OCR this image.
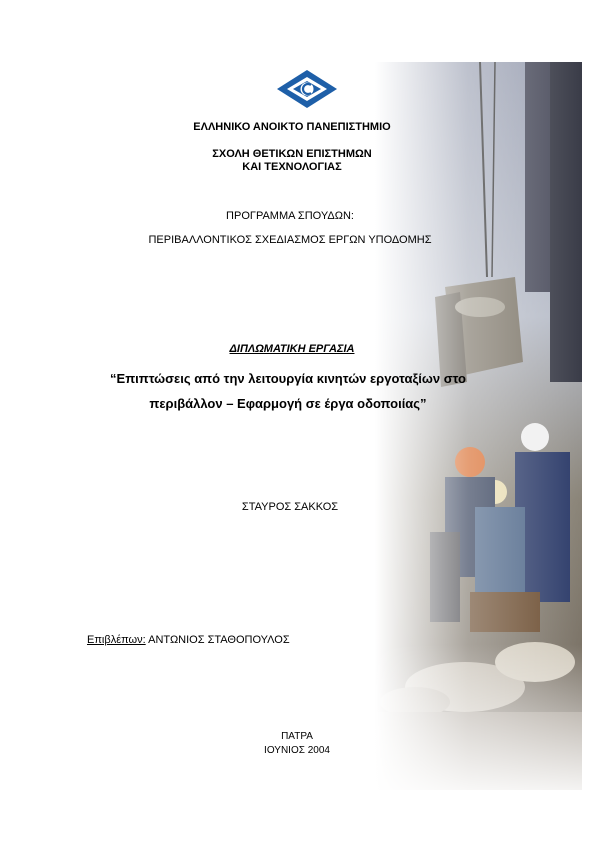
ΕΛΛΗΝΙΚΟ ΑΝΟΙΚΤΟ ΠΑΝΕΠΙΣΤΗΜΙΟ
ΣΧΟΛΗ ΘΕΤΙΚΩΝ ΕΠΙΣΤΗΜΩΝ
ΚΑΙ ΤΕΧΝΟΛΟΓΙΑΣ
ΠΡΟΓΡΑΜΜΑ ΣΠΟΥΔΩΝ:
ΠΕΡΙΒΑΛΛΟΝΤΙΚΟΣ ΣΧΕΔΙΑΣΜΟΣ ΕΡΓΩΝ ΥΠΟΔΟΜΗΣ
ΔΙΠΛΩΜΑΤΙΚΗ ΕΡΓΑΣΙΑ
“Επιπτώσεις από την λειτουργία κινητών εργοταξίων στο
περιβάλλον – Εφαρμογή σε έργα οδοποιίας”
ΣΤΑΥΡΟΣ ΣΑΚΚΟΣ
Επιβλέπων: ΑΝΤΩΝΙΟΣ ΣΤΑΘΟΠΟΥΛΟΣ
ΠΑΤΡΑ
ΙΟΥΝΙΟΣ 2004
